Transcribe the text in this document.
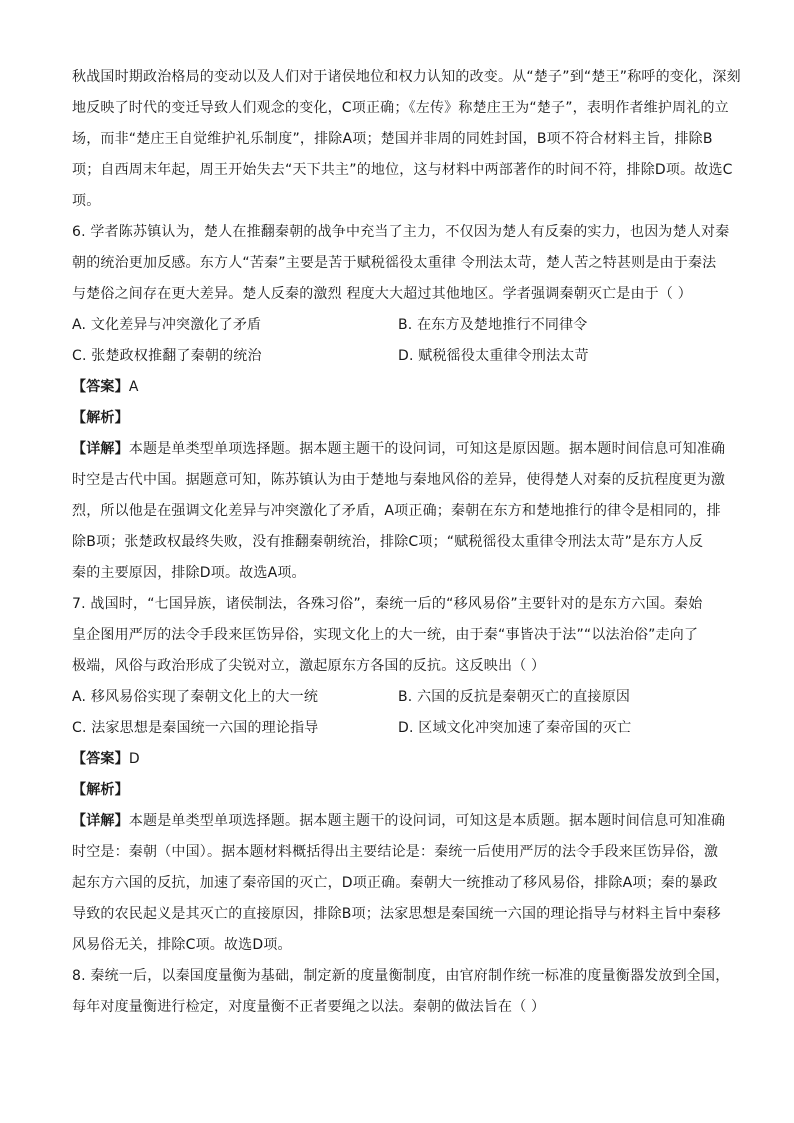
秋战国时期政治格局的变动以及人们对于诸侯地位和权力认知的改变。从“楚子”到“楚王”称呼的变化，深刻
地反映了时代的变迁导致人们观念的变化，C项正确；《左传》称楚庄王为“楚子”，表明作者维护周礼的立
场，而非“楚庄王自觉维护礼乐制度”，排除A项；楚国并非周的同姓封国，B项不符合材料主旨，排除B
项；自西周末年起，周王开始失去“天下共主”的地位，这与材料中两部著作的时间不符，排除D项。故选C
项。
6. 学者陈苏镇认为，楚人在推翻秦朝的战争中充当了主力，不仅因为楚人有反秦的实力，也因为楚人对秦
朝的统治更加反感。东方人“苦秦”主要是苦于赋税徭役太重律 令刑法太苛，楚人苦之特甚则是由于秦法
与楚俗之间存在更大差异。楚人反秦的激烈 程度大大超过其他地区。学者强调秦朝灭亡是由于（ ）
A. 文化差异与冲突激化了矛盾	B. 在东方及楚地推行不同律令
C. 张楚政权推翻了秦朝的统治	D. 赋税徭役太重律令刑法太苛
【答案】A
【解析】
【详解】本题是单类型单项选择题。据本题主题干的设问词，可知这是原因题。据本题时间信息可知准确
时空是古代中国。据题意可知，陈苏镇认为由于楚地与秦地风俗的差异，使得楚人对秦的反抗程度更为激
烈，所以他是在强调文化差异与冲突激化了矛盾，A项正确；秦朝在东方和楚地推行的律令是相同的，排
除B项；张楚政权最终失败，没有推翻秦朝统治，排除C项；“赋税徭役太重律令刑法太苛”是东方人反
秦的主要原因，排除D项。故选A项。
7. 战国时，“七国异族，诸侯制法，各殊习俗”，秦统一后的“移风易俗”主要针对的是东方六国。秦始
皇企图用严厉的法令手段来匡饬异俗，实现文化上的大一统，由于秦“事皆决于法”“以法治俗”走向了
极端，风俗与政治形成了尖锐对立，激起原东方各国的反抗。这反映出（ ）
A. 移风易俗实现了秦朝文化上的大一统	B. 六国的反抗是秦朝灭亡的直接原因
C. 法家思想是秦国统一六国的理论指导	D. 区域文化冲突加速了秦帝国的灭亡
【答案】D
【解析】
【详解】本题是单类型单项选择题。据本题主题干的设问词，可知这是本质题。据本题时间信息可知准确
时空是：秦朝（中国）。据本题材料概括得出主要结论是：秦统一后使用严厉的法令手段来匡饬异俗，激
起东方六国的反抗，加速了秦帝国的灭亡，D项正确。秦朝大一统推动了移风易俗，排除A项；秦的暴政
导致的农民起义是其灭亡的直接原因，排除B项；法家思想是秦国统一六国的理论指导与材料主旨中秦移
风易俗无关，排除C项。故选D项。
8. 秦统一后，以秦国度量衡为基础，制定新的度量衡制度，由官府制作统一标准的度量衡器发放到全国，
每年对度量衡进行检定，对度量衡不正者要绳之以法。秦朝的做法旨在（ ）
